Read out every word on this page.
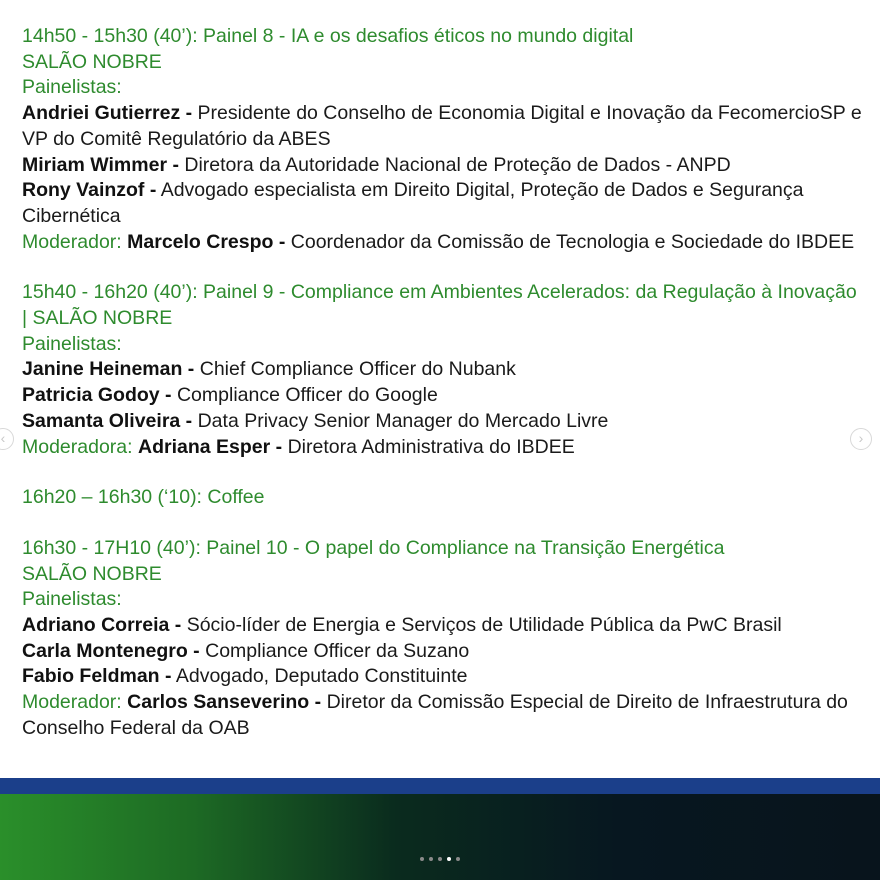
14h50 - 15h30 (40’): Painel 8 - IA e os desafios éticos no mundo digital
SALÃO NOBRE
Painelistas:
Andriei Gutierrez - Presidente do Conselho de Economia Digital e Inovação da FecomercioSP e VP do Comitê Regulatório da ABES
Miriam Wimmer - Diretora da Autoridade Nacional de Proteção de Dados - ANPD
Rony Vainzof - Advogado especialista em Direito Digital, Proteção de Dados e Segurança Cibernética
Moderador: Marcelo Crespo - Coordenador da Comissão de Tecnologia e Sociedade do IBDEE
15h40 - 16h20 (40’): Painel 9 - Compliance em Ambientes Acelerados: da Regulação à Inovação | SALÃO NOBRE
Painelistas:
Janine Heineman - Chief Compliance Officer do Nubank
Patricia Godoy - Compliance Officer do Google
Samanta Oliveira - Data Privacy Senior Manager do Mercado Livre
Moderadora: Adriana Esper - Diretora Administrativa do IBDEE
16h20 – 16h30 (‘10): Coffee
16h30 - 17H10 (40’): Painel 10 - O papel do Compliance na Transição Energética
SALÃO NOBRE
Painelistas:
Adriano Correia - Sócio-líder de Energia e Serviços de Utilidade Pública da PwC Brasil
Carla Montenegro - Compliance Officer da Suzano
Fabio Feldman - Advogado, Deputado Constituinte
Moderador: Carlos Sanseverino - Diretor da Comissão Especial de Direito de Infraestrutura do Conselho Federal da OAB
‹	›
